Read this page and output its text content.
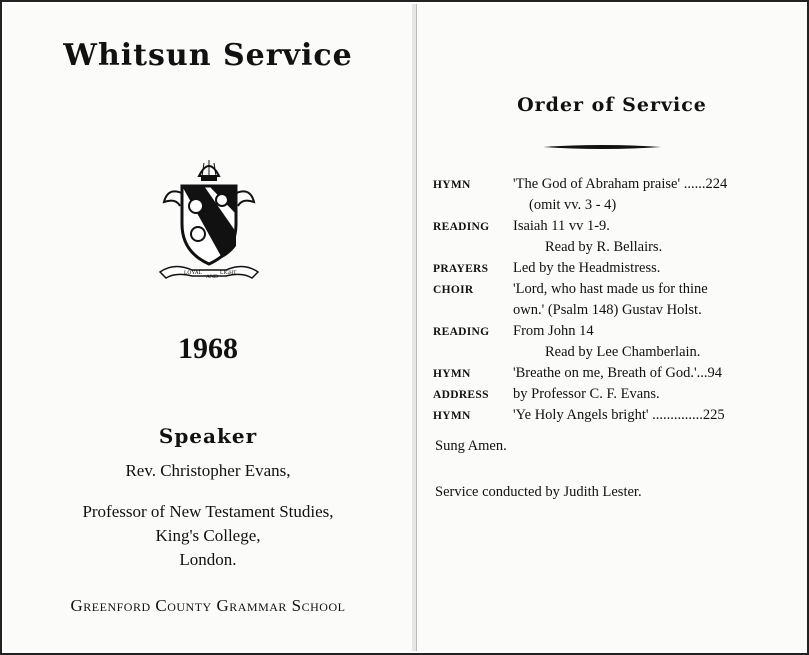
Whitsun Service
LOYAL
AND
LIGHT
1968
Speaker
Rev. Christopher Evans,
Professor of New Testament Studies,
King's College,
London.
Greenford County Grammar School
Order of Service
HYMN	'The God of Abraham praise' ......224
(omit vv. 3 - 4)
READING Isaiah 11 vv 1-9.
Read by R. Bellairs.
PRAYERS Led by the Headmistress.
CHOIR	'Lord, who hast made us for thine
own.' (Psalm 148) Gustav Holst.
READING From John 14
Read by Lee Chamberlain.
HYMN	'Breathe on me, Breath of God.'...94
ADDRESS by Professor C. F. Evans.
HYMN	'Ye Holy Angels bright' ..............225
Sung Amen.
Service conducted by Judith Lester.
